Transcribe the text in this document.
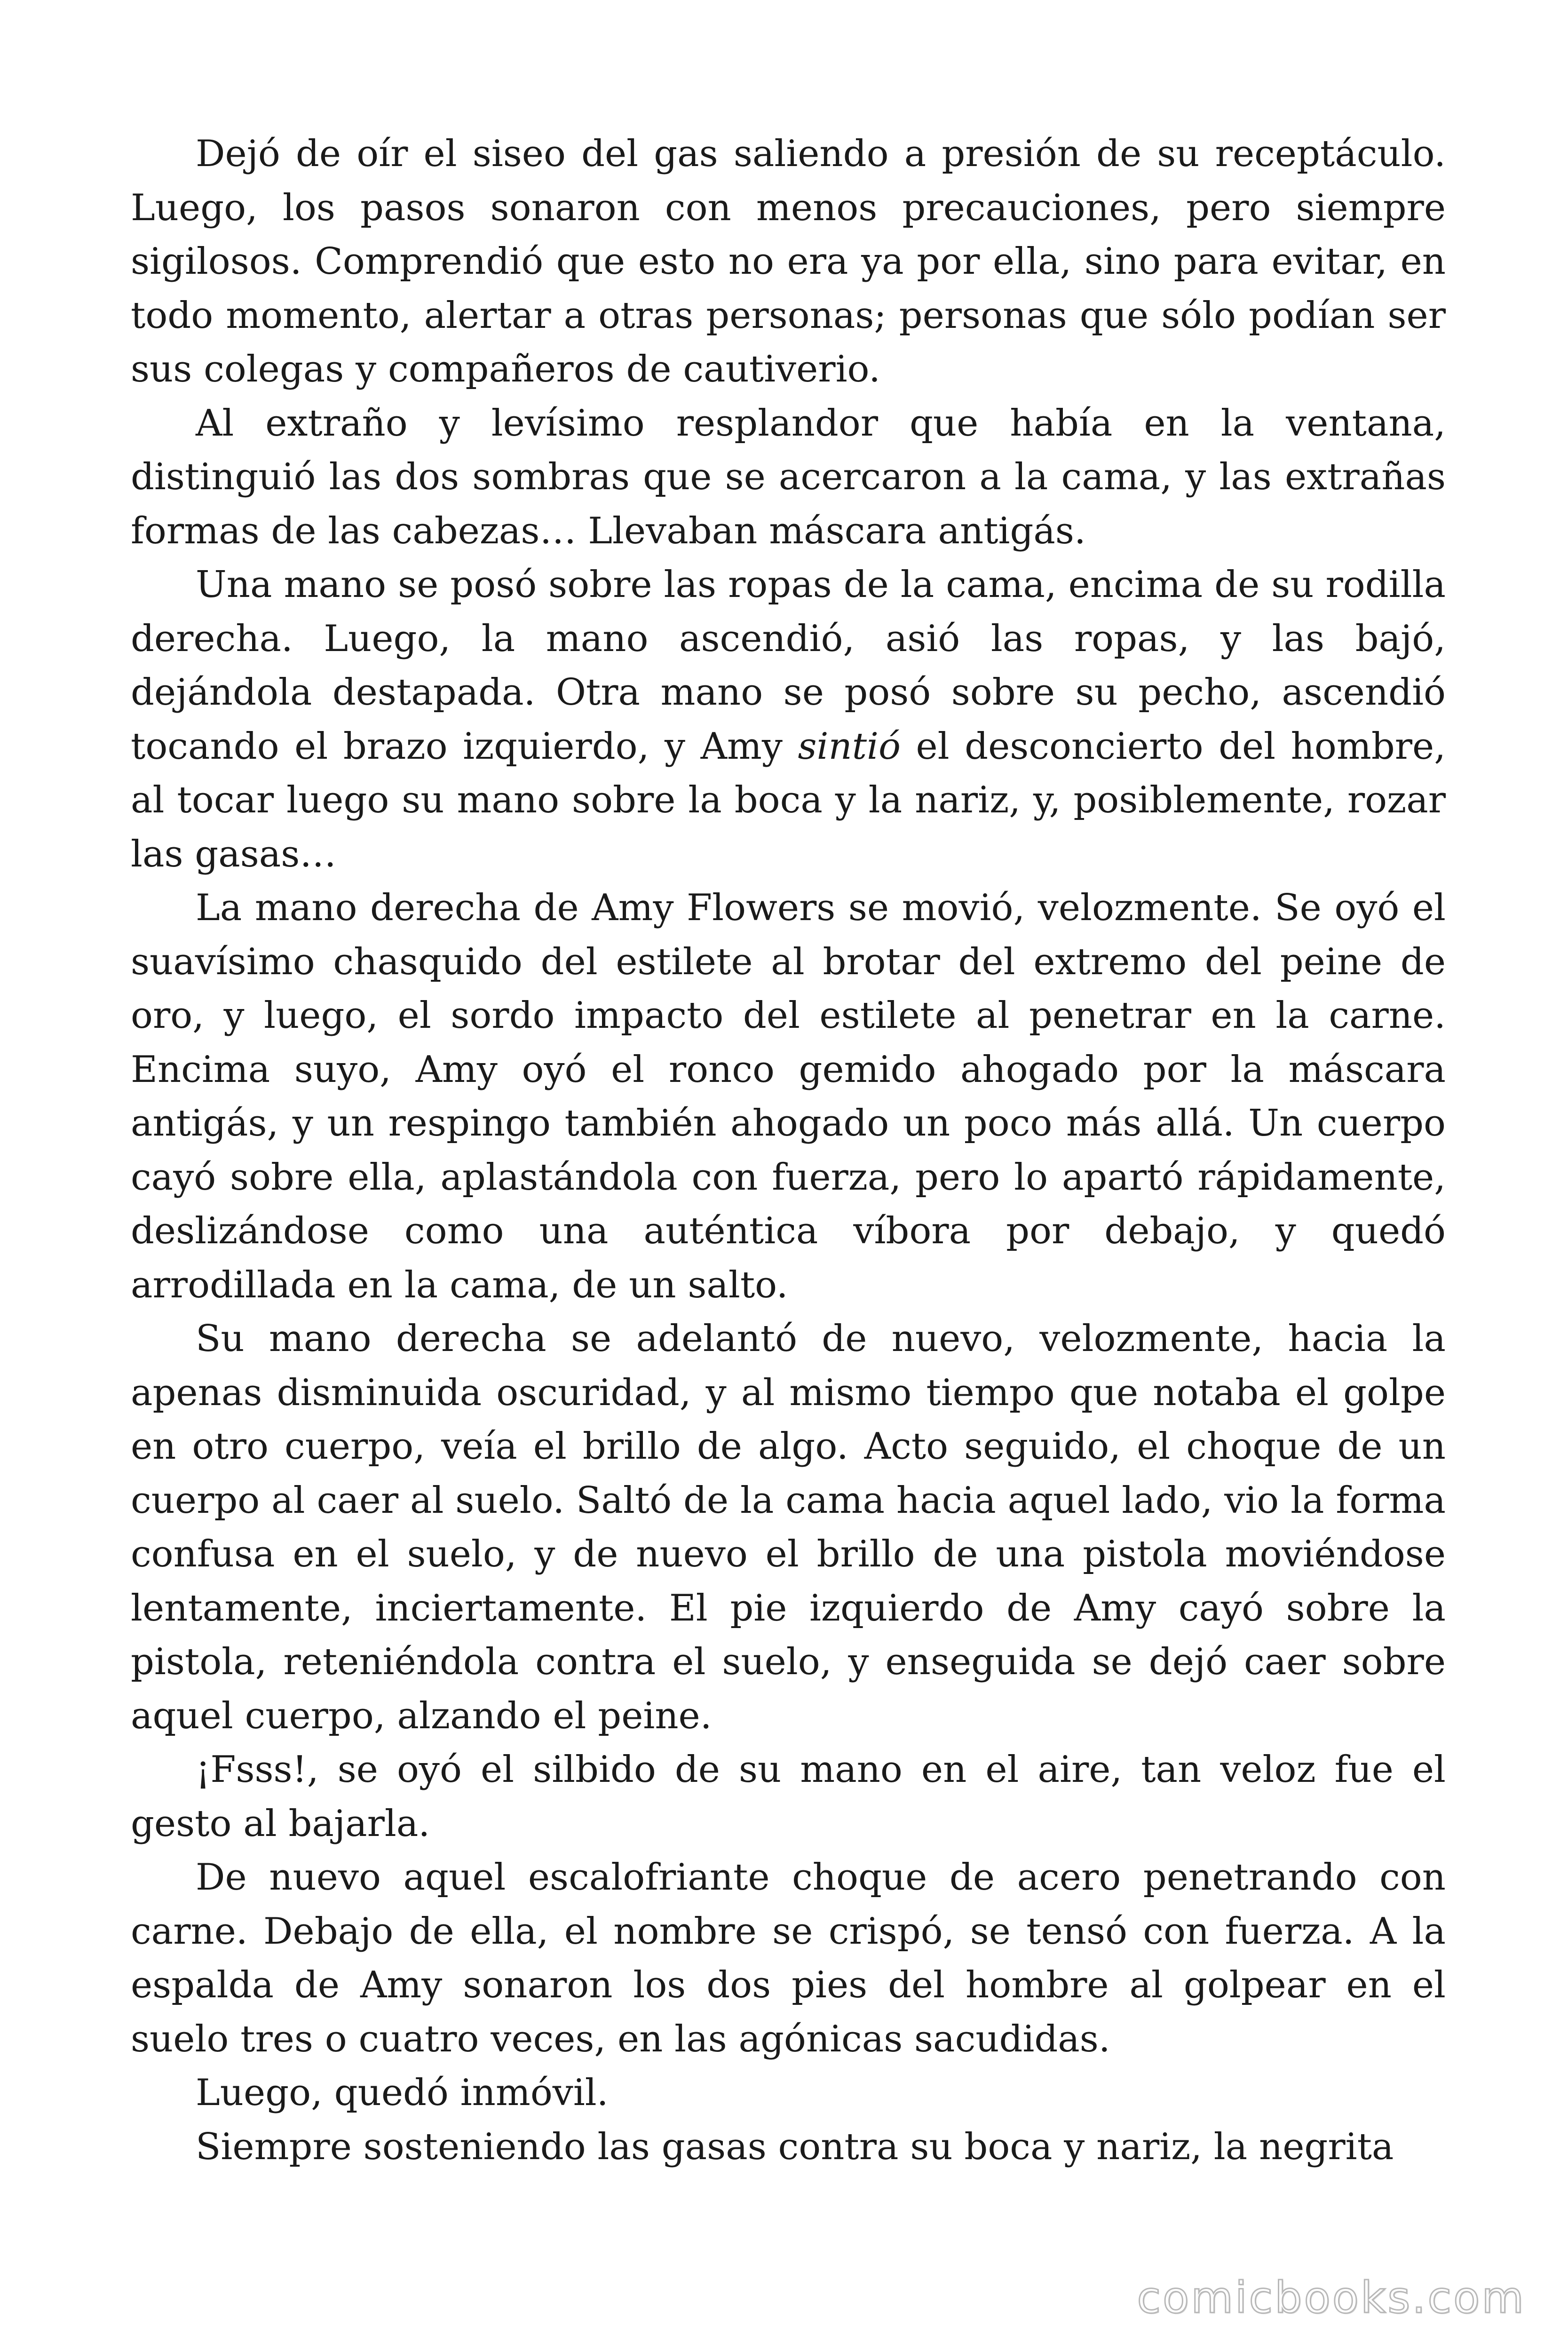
Dejó de oír el siseo del gas saliendo a presión de su receptáculo. Luego, los pasos sonaron con menos precauciones, pero siempre sigilosos. Comprendió que esto no era ya por ella, sino para evitar, en todo momento, alertar a otras personas; personas que sólo podían ser sus colegas y compañeros de cautiverio.

Al extraño y levísimo resplandor que había en la ventana, distinguió las dos sombras que se acercaron a la cama, y las extrañas formas de las cabezas… Llevaban máscara antigás.

Una mano se posó sobre las ropas de la cama, encima de su rodilla derecha. Luego, la mano ascendió, asió las ropas, y las bajó, dejándola destapada. Otra mano se posó sobre su pecho, ascendió tocando el brazo izquierdo, y Amy sintió el desconcierto del hombre, al tocar luego su mano sobre la boca y la nariz, y, posiblemente, rozar las gasas…

La mano derecha de Amy Flowers se movió, velozmente. Se oyó el suavísimo chasquido del estilete al brotar del extremo del peine de oro, y luego, el sordo impacto del estilete al penetrar en la carne. Encima suyo, Amy oyó el ronco gemido ahogado por la máscara antigás, y un respingo también ahogado un poco más allá. Un cuerpo cayó sobre ella, aplastándola con fuerza, pero lo apartó rápidamente, deslizándose como una auténtica víbora por debajo, y quedó arrodillada en la cama, de un salto.

Su mano derecha se adelantó de nuevo, velozmente, hacia la apenas disminuida oscuridad, y al mismo tiempo que notaba el golpe en otro cuerpo, veía el brillo de algo. Acto seguido, el choque de un cuerpo al caer al suelo. Saltó de la cama hacia aquel lado, vio la forma confusa en el suelo, y de nuevo el brillo de una pistola moviéndose lentamente, inciertamente. El pie izquierdo de Amy cayó sobre la pistola, reteniéndola contra el suelo, y enseguida se dejó caer sobre aquel cuerpo, alzando el peine.

¡Fsss!, se oyó el silbido de su mano en el aire, tan veloz fue el gesto al bajarla.

De nuevo aquel escalofriante choque de acero penetrando con carne. Debajo de ella, el nombre se crispó, se tensó con fuerza. A la espalda de Amy sonaron los dos pies del hombre al golpear en el suelo tres o cuatro veces, en las agónicas sacudidas.

Luego, quedó inmóvil.

Siempre sosteniendo las gasas contra su boca y nariz, la negrita

comicbooks.com
